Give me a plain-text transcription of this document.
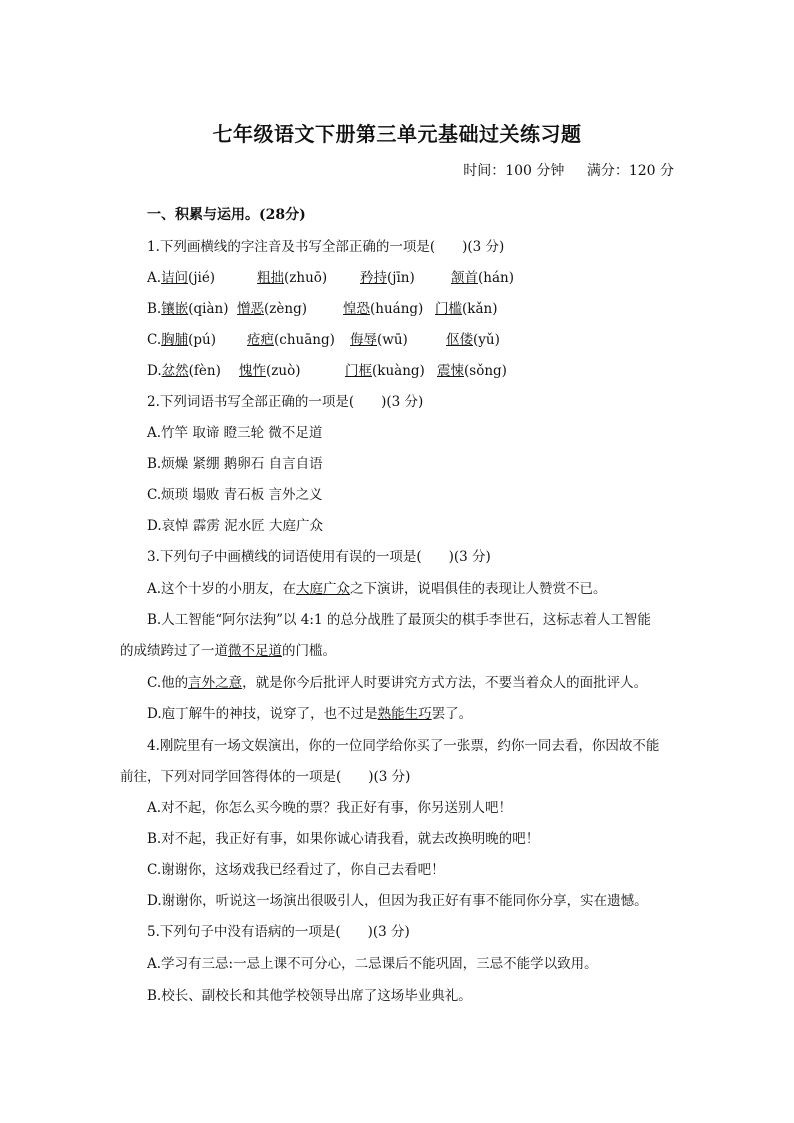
七年级语文下册第三单元基础过关练习题
时间：100 分钟 满分：120 分
一、积累与运用。(28分)
1.下列画横线的字注音及书写全部正确的一项是(　　)(3 分)
A.诘问(jié)	粗拙(zhuō) 矜持(jīn)	颔首(hán)
B.镶嵌(qiàn) 憎恶(zèng)	惶恐(huáng) 门槛(kǎn)
C.胸脯(pú) 疮疤(chuāng) 侮辱(wū)	伛偻(yǔ)
D.忿然(fèn) 愧怍(zuò)	门框(kuàng) 震悚(sǒng)
2.下列词语书写全部正确的一项是(　　)(3 分)
A.竹竿 取谛 瞪三轮 微不足道
B.烦燥 紧绷 鹅卵石 自言自语
C.烦琐 塌败 青石板 言外之义
D.哀悼 霹雳 泥水匠 大庭广众
3.下列句子中画横线的词语使用有误的一项是(　　)(3 分)
A.这个十岁的小朋友，在大庭广众之下演讲，说唱俱佳的表现让人赞赏不已。
B.人工智能“阿尔法狗”以 4:1 的总分战胜了最顶尖的棋手李世石，这标志着人工智能
的成绩跨过了一道微不足道的门槛。
C.他的言外之意，就是你今后批评人时要讲究方式方法，不要当着众人的面批评人。
D.庖丁解牛的神技，说穿了，也不过是熟能生巧罢了。
4.刚院里有一场文娱演出，你的一位同学给你买了一张票，约你一同去看，你因故不能
前往，下列对同学回答得体的一项是(　　)(3 分)
A.对不起，你怎么买今晚的票？我正好有事，你另送别人吧！
B.对不起，我正好有事，如果你诚心请我看，就去改换明晚的吧！
C.谢谢你，这场戏我已经看过了，你自己去看吧！
D.谢谢你，听说这一场演出很吸引人，但因为我正好有事不能同你分享，实在遗憾。
5.下列句子中没有语病的一项是(　　)(3 分)
A.学习有三忌:一忌上课不可分心，二忌课后不能巩固，三忌不能学以致用。
B.校长、副校长和其他学校领导出席了这场毕业典礼。
